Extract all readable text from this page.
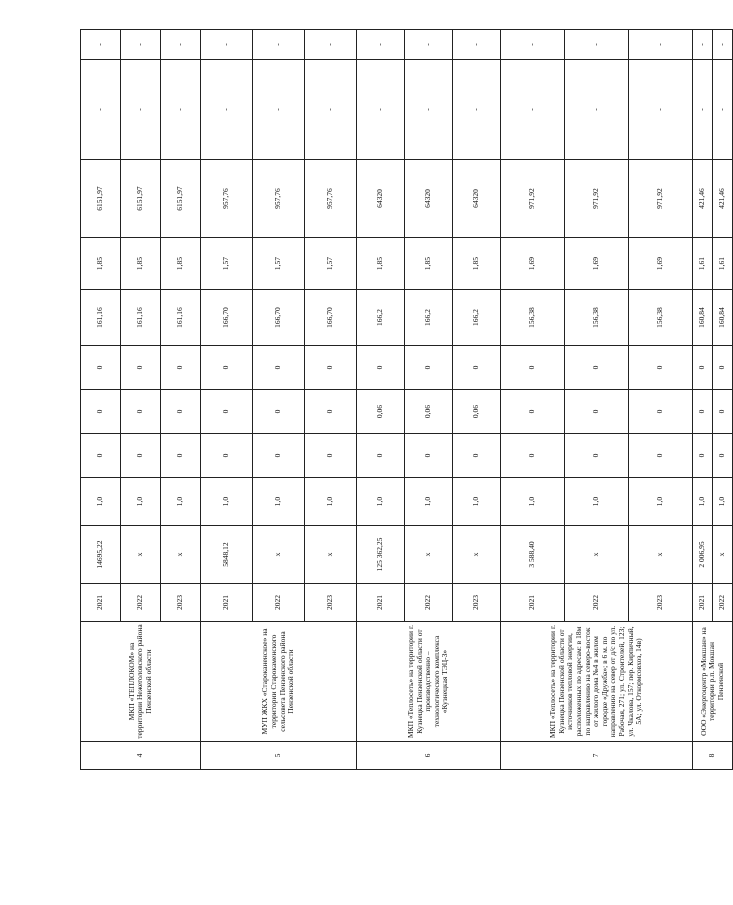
4	МКП «ТЕПЛОКОМ» на территории Нежеголовского района Пензенской области	2021	14695,22	1,0	0	0	0	161,16	1,85	6151,97	-	-
		2022	x	1,0	0	0	0	161,16	1,85	6151,97	-	-
		2023	x	1,0	0	0	0	161,16	1,85	6151,97	-	-
5	МУП ЖКХ «Староканенское» на территории Старокаменского сельсовета Пензенского района Пензенской области	2021	5848,12	1,0	0	0	0	166,70	1,57	957,76	-	-
		2022	x	1,0	0	0	0	166,70	1,57	957,76	-	-
		2023	x	1,0	0	0	0	166,70	1,57	957,76	-	-
6	МКП «Теплосеть» на территории г. Кузнецка Пензенской области от производственно – технологического комплекса «Кузнецкая ТЭЦ-3»	2021	125 362,25	1,0	0	0,06	0	166,2	1,85	64320	-	-
		2022	x	1,0	0	0,06	0	166,2	1,85	64320	-	-
		2023	x	1,0	0	0,06	0	166,2	1,85	64320	-	-
7	МКП «Теплосеть» на территории г. Кузнецка Пензенской области от источников тепловой энергии, расположенных по адресам: в 18м по направлению на северо-восток от жилого дома №4 в жилом городке «Дружба»; в 6 м. по направлению на север от д/с по ул. Рабочая, 271; ул. Строителей, 123; ул. Чкалова, 157; пер. Кирпичный, 5А; ул. Откормсовхоз, 14в)	2021	3 588,40	1,0	0	0	0	156,38	1,69	971,92	-	-
		2022	x	1,0	0	0	0	156,38	1,69	971,92	-	-
		2023	x	1,0	0	0	0	156,38	1,69	971,92	-	-
8	ООО «Энергоцентр «Мокшан» на территории р.п. Мокшан Пензенской	2021	2 006,95	1,0	0	0	0	160,84	1,61	421,46	-	-
		2022	x	1,0	0	0	0	160,84	1,61	421,46	-	-
